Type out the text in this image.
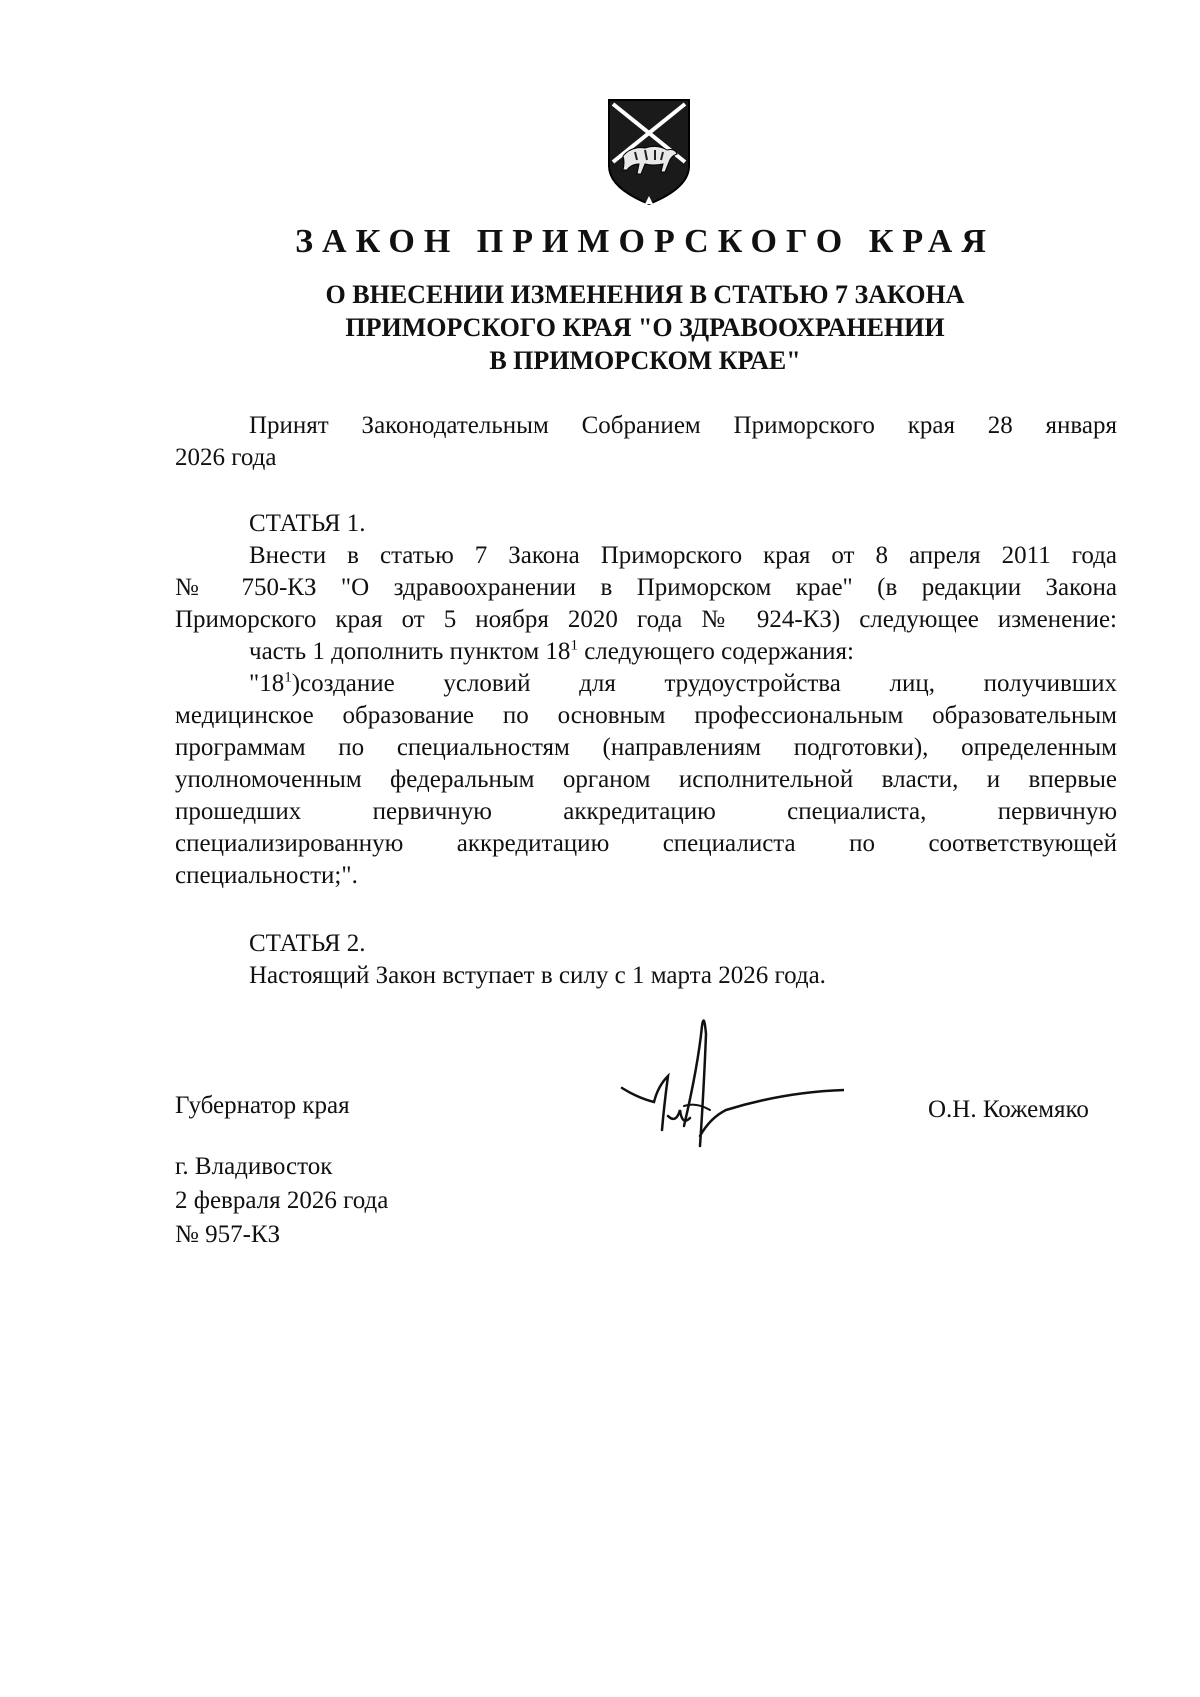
ЗАКОН ПРИМОРСКОГО КРАЯ
О ВНЕСЕНИИ ИЗМЕНЕНИЯ В СТАТЬЮ 7 ЗАКОНА
ПРИМОРСКОГО КРАЯ "О ЗДРАВООХРАНЕНИИ
В ПРИМОРСКОМ КРАЕ"
Принят Законодательным Собранием Приморского края 28 января
2026 года
СТАТЬЯ 1.
Внести в статью 7 Закона Приморского края от 8 апреля 2011 года
№ 750-КЗ "О здравоохранении в Приморском крае" (в редакции Закона
Приморского края от 5 ноября 2020 года № 924-КЗ) следующее изменение:
часть 1 дополнить пунктом $18^1$ следующего содержания:
"$18^1)создание$ условий для трудоустройства лиц, получивших
медицинское образование по основным профессиональным образовательным
программам по специальностям (направлениям подготовки), определенным
уполномоченным федеральным органом исполнительной власти, и впервые
прошедших первичную аккредитацию специалиста, первичную
специализированную аккредитацию специалиста по соответствующей
специальности;".
СТАТЬЯ 2.
Настоящий Закон вступает в силу с 1 марта 2026 года.
Губернатор края	О.Н. Кожемяко
г. Владивосток
2 февраля 2026 года
№ 957-КЗ
